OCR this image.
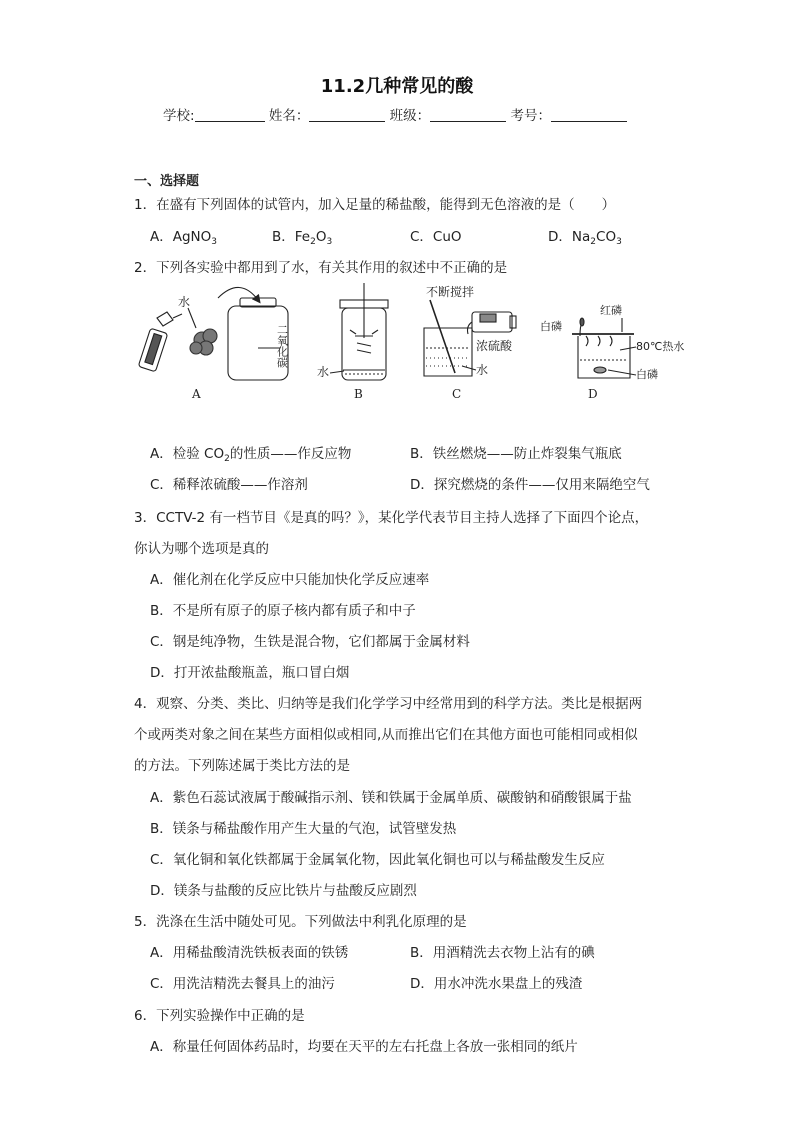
11.2几种常见的酸
学校:	姓名：	班级：	考号：
一、选择题
1．在盛有下列固体的试管内，加入足量的稀盐酸，能得到无色溶液的是（　　）
A．AgNO$_3$	B．$Fe_2O_3$	C．CuO	D．$Na_2CO_3$
2．下列各实验中都用到了水，有关其作用的叙述中不正确的是
水
二氧化碳
A
水
B
不断搅拌
浓硫酸
水
C
红磷
白磷
80℃热水
白磷
D
A．检验 $CO_2$的性质——作反应物	B．铁丝燃烧——防止炸裂集气瓶底
C．稀释浓硫酸——作溶剂	D．探究燃烧的条件——仅用来隔绝空气
3．CCTV-2 有一档节目《是真的吗？》，某化学代表节目主持人选择了下面四个论点，
你认为哪个选项是真的
A．催化剂在化学反应中只能加快化学反应速率
B．不是所有原子的原子核内都有质子和中子
C．钢是纯净物，生铁是混合物，它们都属于金属材料
D．打开浓盐酸瓶盖，瓶口冒白烟
4．观察、分类、类比、归纳等是我们化学学习中经常用到的科学方法。类比是根据两
个或两类对象之间在某些方面相似或相同,从而推出它们在其他方面也可能相同或相似
的方法。下列陈述属于类比方法的是
A．紫色石蕊试液属于酸碱指示剂、镁和铁属于金属单质、碳酸钠和硝酸银属于盐
B．镁条与稀盐酸作用产生大量的气泡，试管壁发热
C．氧化铜和氧化铁都属于金属氧化物，因此氧化铜也可以与稀盐酸发生反应
D．镁条与盐酸的反应比铁片与盐酸反应剧烈
5．洗涤在生活中随处可见。下列做法中利乳化原理的是
A．用稀盐酸清洗铁板表面的铁锈	B．用酒精洗去衣物上沾有的碘
C．用洗洁精洗去餐具上的油污	D．用水冲洗水果盘上的残渣
6．下列实验操作中正确的是
A．称量任何固体药品时，均要在天平的左右托盘上各放一张相同的纸片
